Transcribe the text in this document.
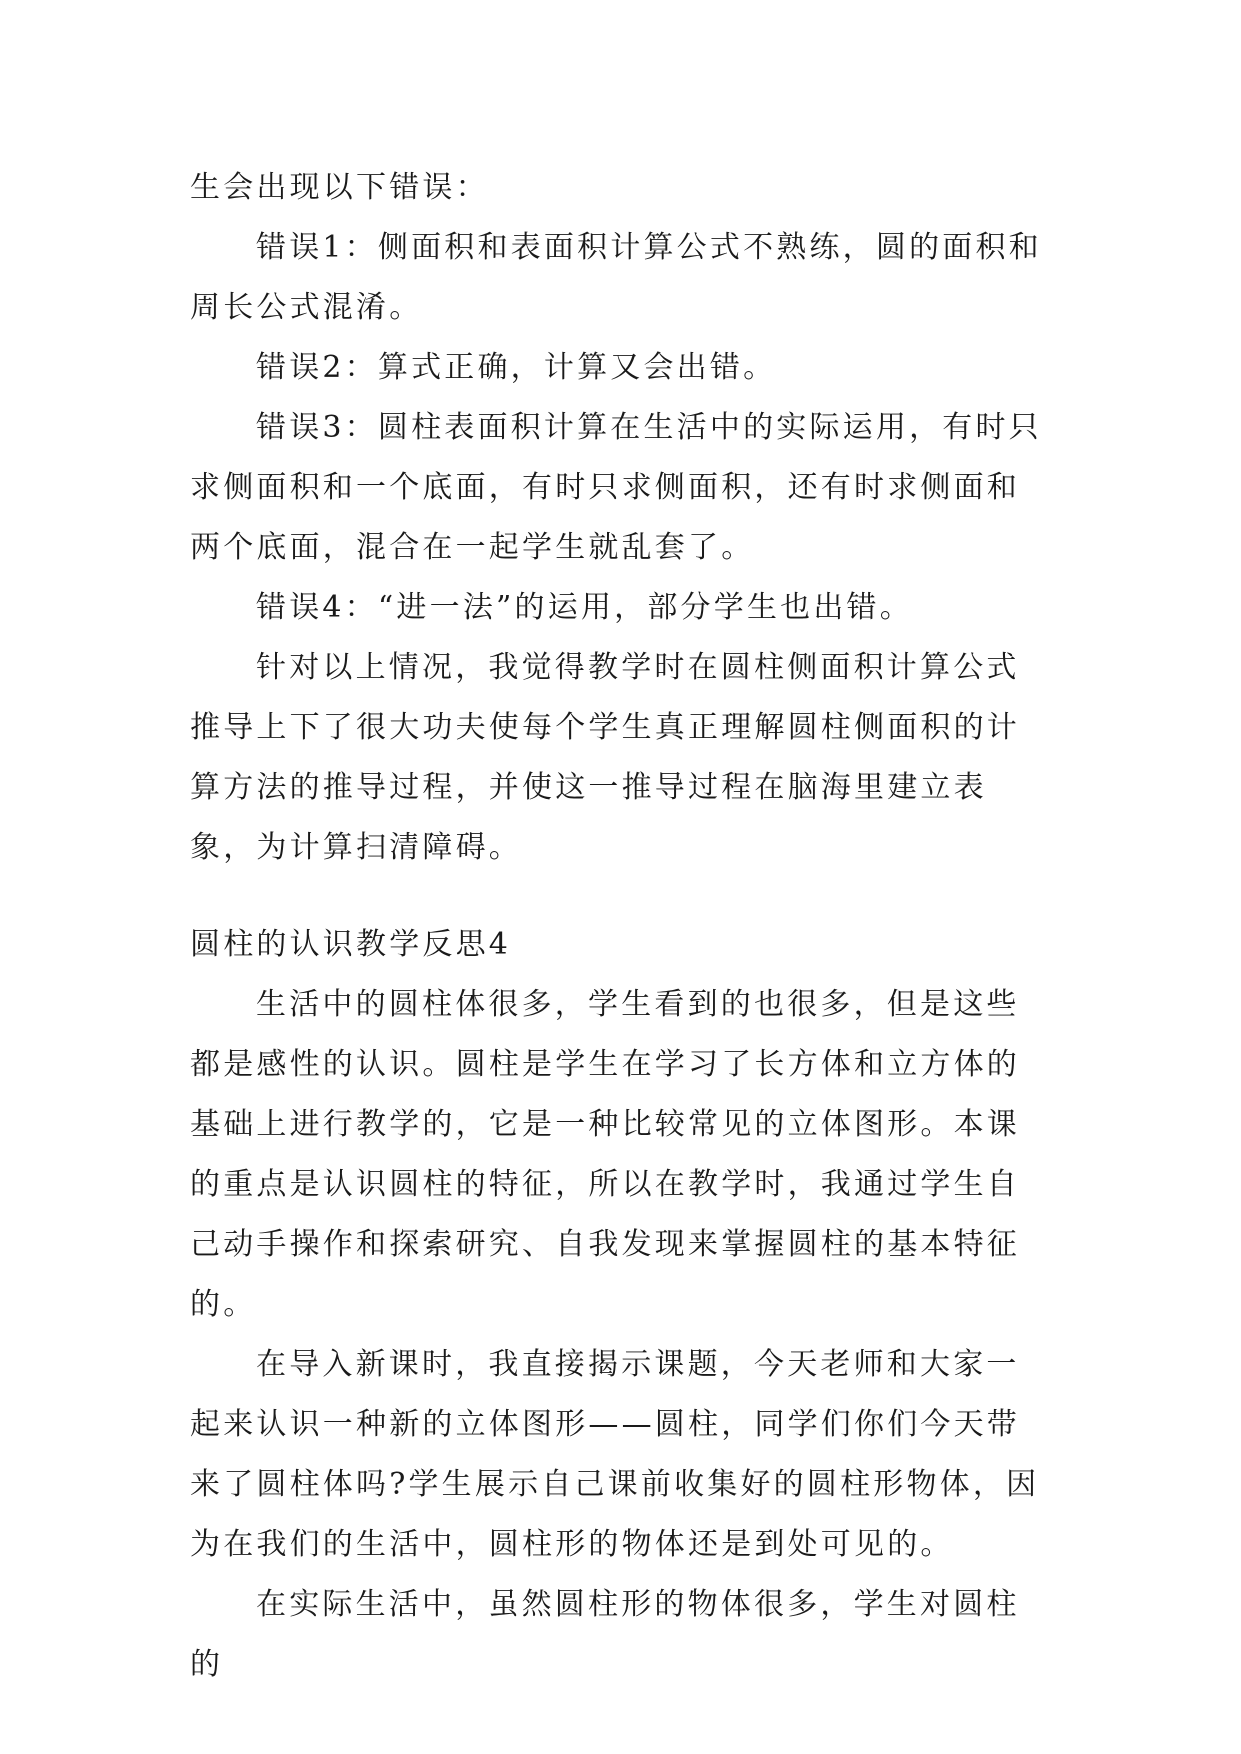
生会出现以下错误：

错误1：侧面积和表面积计算公式不熟练，圆的面积和周长公式混淆。

错误2：算式正确，计算又会出错。

错误3：圆柱表面积计算在生活中的实际运用，有时只求侧面积和一个底面，有时只求侧面积，还有时求侧面和两个底面，混合在一起学生就乱套了。

错误4：“进一法”的运用，部分学生也出错。

针对以上情况，我觉得教学时在圆柱侧面积计算公式推导上下了很大功夫使每个学生真正理解圆柱侧面积的计算方法的推导过程，并使这一推导过程在脑海里建立表象，为计算扫清障碍。

圆柱的认识教学反思4

生活中的圆柱体很多，学生看到的也很多，但是这些都是感性的认识。圆柱是学生在学习了长方体和立方体的基础上进行教学的，它是一种比较常见的立体图形。本课的重点是认识圆柱的特征，所以在教学时，我通过学生自己动手操作和探索研究、自我发现来掌握圆柱的基本特征的。

在导入新课时，我直接揭示课题，今天老师和大家一起来认识一种新的立体图形——圆柱，同学们你们今天带来了圆柱体吗?学生展示自己课前收集好的圆柱形物体，因为在我们的生活中，圆柱形的物体还是到处可见的。

在实际生活中，虽然圆柱形的物体很多，学生对圆柱的
